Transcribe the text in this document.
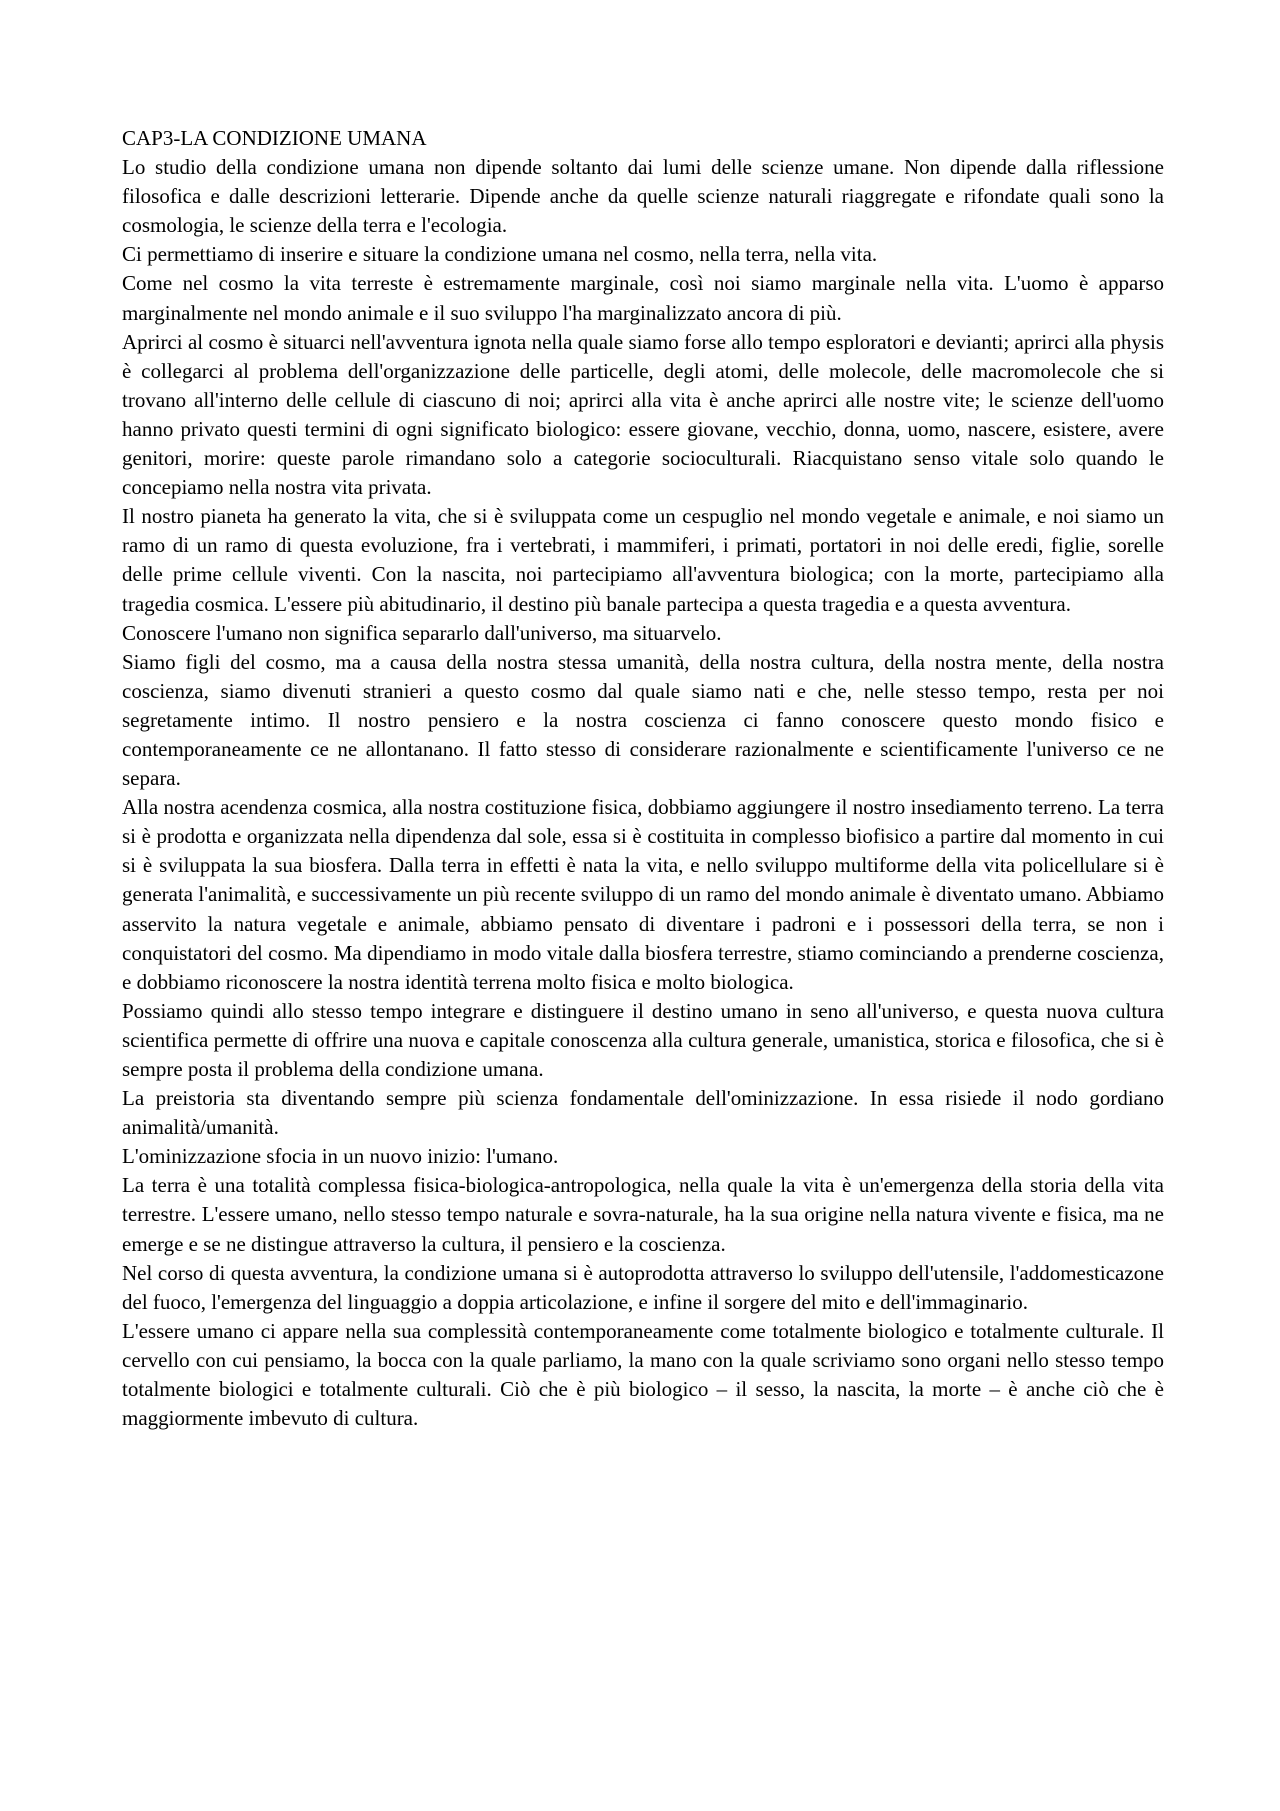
CAP3-LA CONDIZIONE UMANA

Lo studio della condizione umana non dipende soltanto dai lumi delle scienze umane. Non dipende dalla riflessione filosofica e dalle descrizioni letterarie. Dipende anche da quelle scienze naturali riaggregate e rifondate quali sono la cosmologia, le scienze della terra e l'ecologia.

Ci permettiamo di inserire e situare la condizione umana nel cosmo, nella terra, nella vita.

Come nel cosmo la vita terreste è estremamente marginale, così noi siamo marginale nella vita. L'uomo è apparso marginalmente nel mondo animale e il suo sviluppo l'ha marginalizzato ancora di più.

Aprirci al cosmo è situarci nell'avventura ignota nella quale siamo forse allo tempo esploratori e devianti; aprirci alla physis è collegarci al problema dell'organizzazione delle particelle, degli atomi, delle molecole, delle macromolecole che si trovano all'interno delle cellule di ciascuno di noi; aprirci alla vita è anche aprirci alle nostre vite; le scienze dell'uomo hanno privato questi termini di ogni significato biologico: essere giovane, vecchio, donna, uomo, nascere, esistere, avere genitori, morire: queste parole rimandano solo a categorie socioculturali. Riacquistano senso vitale solo quando le concepiamo nella nostra vita privata.

Il nostro pianeta ha generato la vita, che si è sviluppata come un cespuglio nel mondo vegetale e animale, e noi siamo un ramo di un ramo di questa evoluzione, fra i vertebrati, i mammiferi, i primati, portatori in noi delle eredi, figlie, sorelle delle prime cellule viventi. Con la nascita, noi partecipiamo all'avventura biologica; con la morte, partecipiamo alla tragedia cosmica. L'essere più abitudinario, il destino più banale partecipa a questa tragedia e a questa avventura.

Conoscere l'umano non significa separarlo dall'universo, ma situarvelo.

Siamo figli del cosmo, ma a causa della nostra stessa umanità, della nostra cultura, della nostra mente, della nostra coscienza, siamo divenuti stranieri a questo cosmo dal quale siamo nati e che, nelle stesso tempo, resta per noi segretamente intimo. Il nostro pensiero e la nostra coscienza ci fanno conoscere questo mondo fisico e contemporaneamente ce ne allontanano. Il fatto stesso di considerare razionalmente e scientificamente l'universo ce ne separa.

Alla nostra acendenza cosmica, alla nostra costituzione fisica, dobbiamo aggiungere il nostro insediamento terreno. La terra si è prodotta e organizzata nella dipendenza dal sole, essa si è costituita in complesso biofisico a partire dal momento in cui si è sviluppata la sua biosfera. Dalla terra in effetti è nata la vita, e nello sviluppo multiforme della vita policellulare si è generata l'animalità, e successivamente un più recente sviluppo di un ramo del mondo animale è diventato umano. Abbiamo asservito la natura vegetale e animale, abbiamo pensato di diventare i padroni e i possessori della terra, se non i conquistatori del cosmo. Ma dipendiamo in modo vitale dalla biosfera terrestre, stiamo cominciando a prenderne coscienza, e dobbiamo riconoscere la nostra identità terrena molto fisica e molto biologica.

Possiamo quindi allo stesso tempo integrare e distinguere il destino umano in seno all'universo, e questa nuova cultura scientifica permette di offrire una nuova e capitale conoscenza alla cultura generale, umanistica, storica e filosofica, che si è sempre posta il problema della condizione umana.

La preistoria sta diventando sempre più scienza fondamentale dell'ominizzazione. In essa risiede il nodo gordiano animalità/umanità.

L'ominizzazione sfocia in un nuovo inizio: l'umano.

La terra è una totalità complessa fisica-biologica-antropologica, nella quale la vita è un'emergenza della storia della vita terrestre. L'essere umano, nello stesso tempo naturale e sovra-naturale, ha la sua origine nella natura vivente e fisica, ma ne emerge e se ne distingue attraverso la cultura, il pensiero e la coscienza.

Nel corso di questa avventura, la condizione umana si è autoprodotta attraverso lo sviluppo dell'utensile, l'addomesticazone del fuoco, l'emergenza del linguaggio a doppia articolazione, e infine il sorgere del mito e dell'immaginario.

L'essere umano ci appare nella sua complessità contemporaneamente come totalmente biologico e totalmente culturale. Il cervello con cui pensiamo, la bocca con la quale parliamo, la mano con la quale scriviamo sono organi nello stesso tempo totalmente biologici e totalmente culturali. Ciò che è più biologico – il sesso, la nascita, la morte – è anche ciò che è maggiormente imbevuto di cultura.
